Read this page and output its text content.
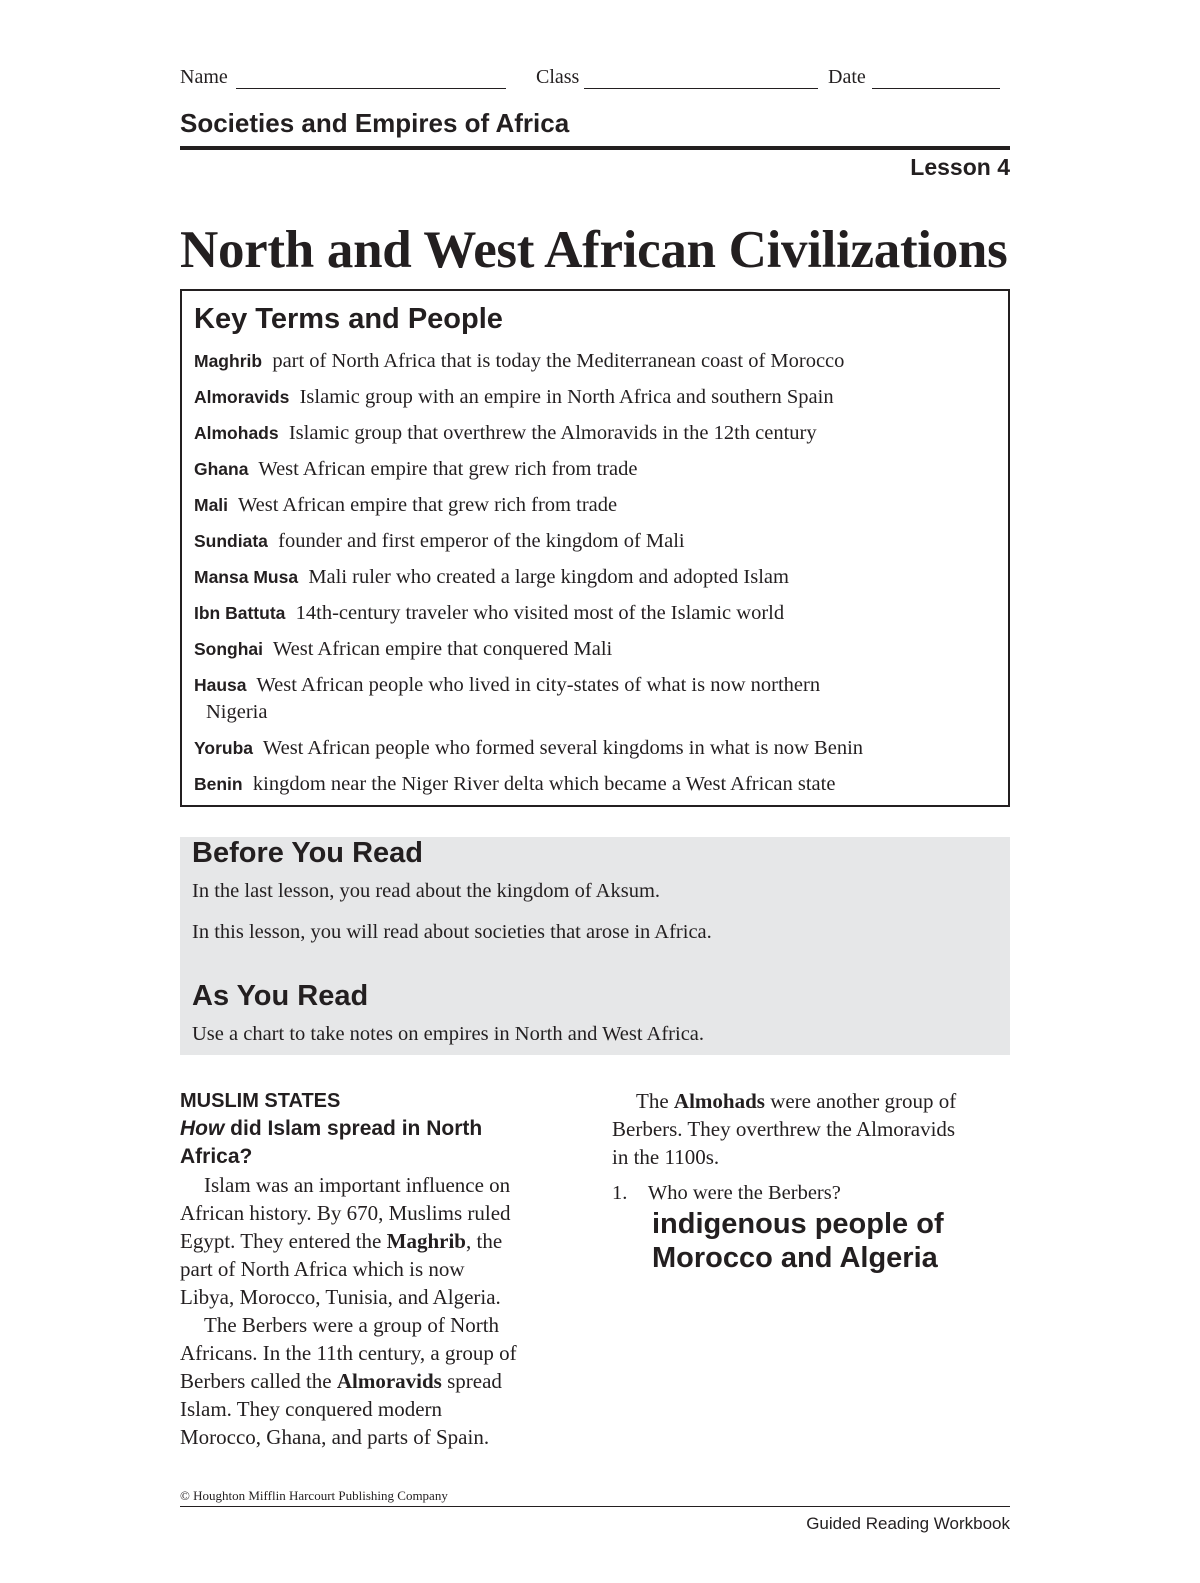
Name	Class	Date
Societies and Empires of Africa
Lesson 4
North and West African Civilizations
Key Terms and People
Maghrib part of North Africa that is today the Mediterranean coast of Morocco
Almoravids Islamic group with an empire in North Africa and southern Spain
Almohads Islamic group that overthrew the Almoravids in the 12th century
Ghana West African empire that grew rich from trade
Mali West African empire that grew rich from trade
Sundiata founder and first emperor of the kingdom of Mali
Mansa Musa Mali ruler who created a large kingdom and adopted Islam
Ibn Battuta 14th-century traveler who visited most of the Islamic world
Songhai West African empire that conquered Mali
Hausa West African people who lived in city-states of what is now northern
Nigeria
Yoruba West African people who formed several kingdoms in what is now Benin
Benin kingdom near the Niger River delta which became a West African state
Before You Read
In the last lesson, you read about the kingdom of Aksum.
In this lesson, you will read about societies that arose in Africa.
As You Read
Use a chart to take notes on empires in North and West Africa.
MUSLIM STATES
How did Islam spread in North
Africa?
Islam was an important influence on
African history. By 670, Muslims ruled
Egypt. They entered the Maghrib, the
part of North Africa which is now
Libya, Morocco, Tunisia, and Algeria.
The Berbers were a group of North
Africans. In the 11th century, a group of
Berbers called the Almoravids spread
Islam. They conquered modern
Morocco, Ghana, and parts of Spain.
The Almohads were another group of
Berbers. They overthrew the Almoravids
in the 1100s.
1. Who were the Berbers?
indigenous people of
Morocco and Algeria
© Houghton Mifflin Harcourt Publishing Company
Guided Reading Workbook
